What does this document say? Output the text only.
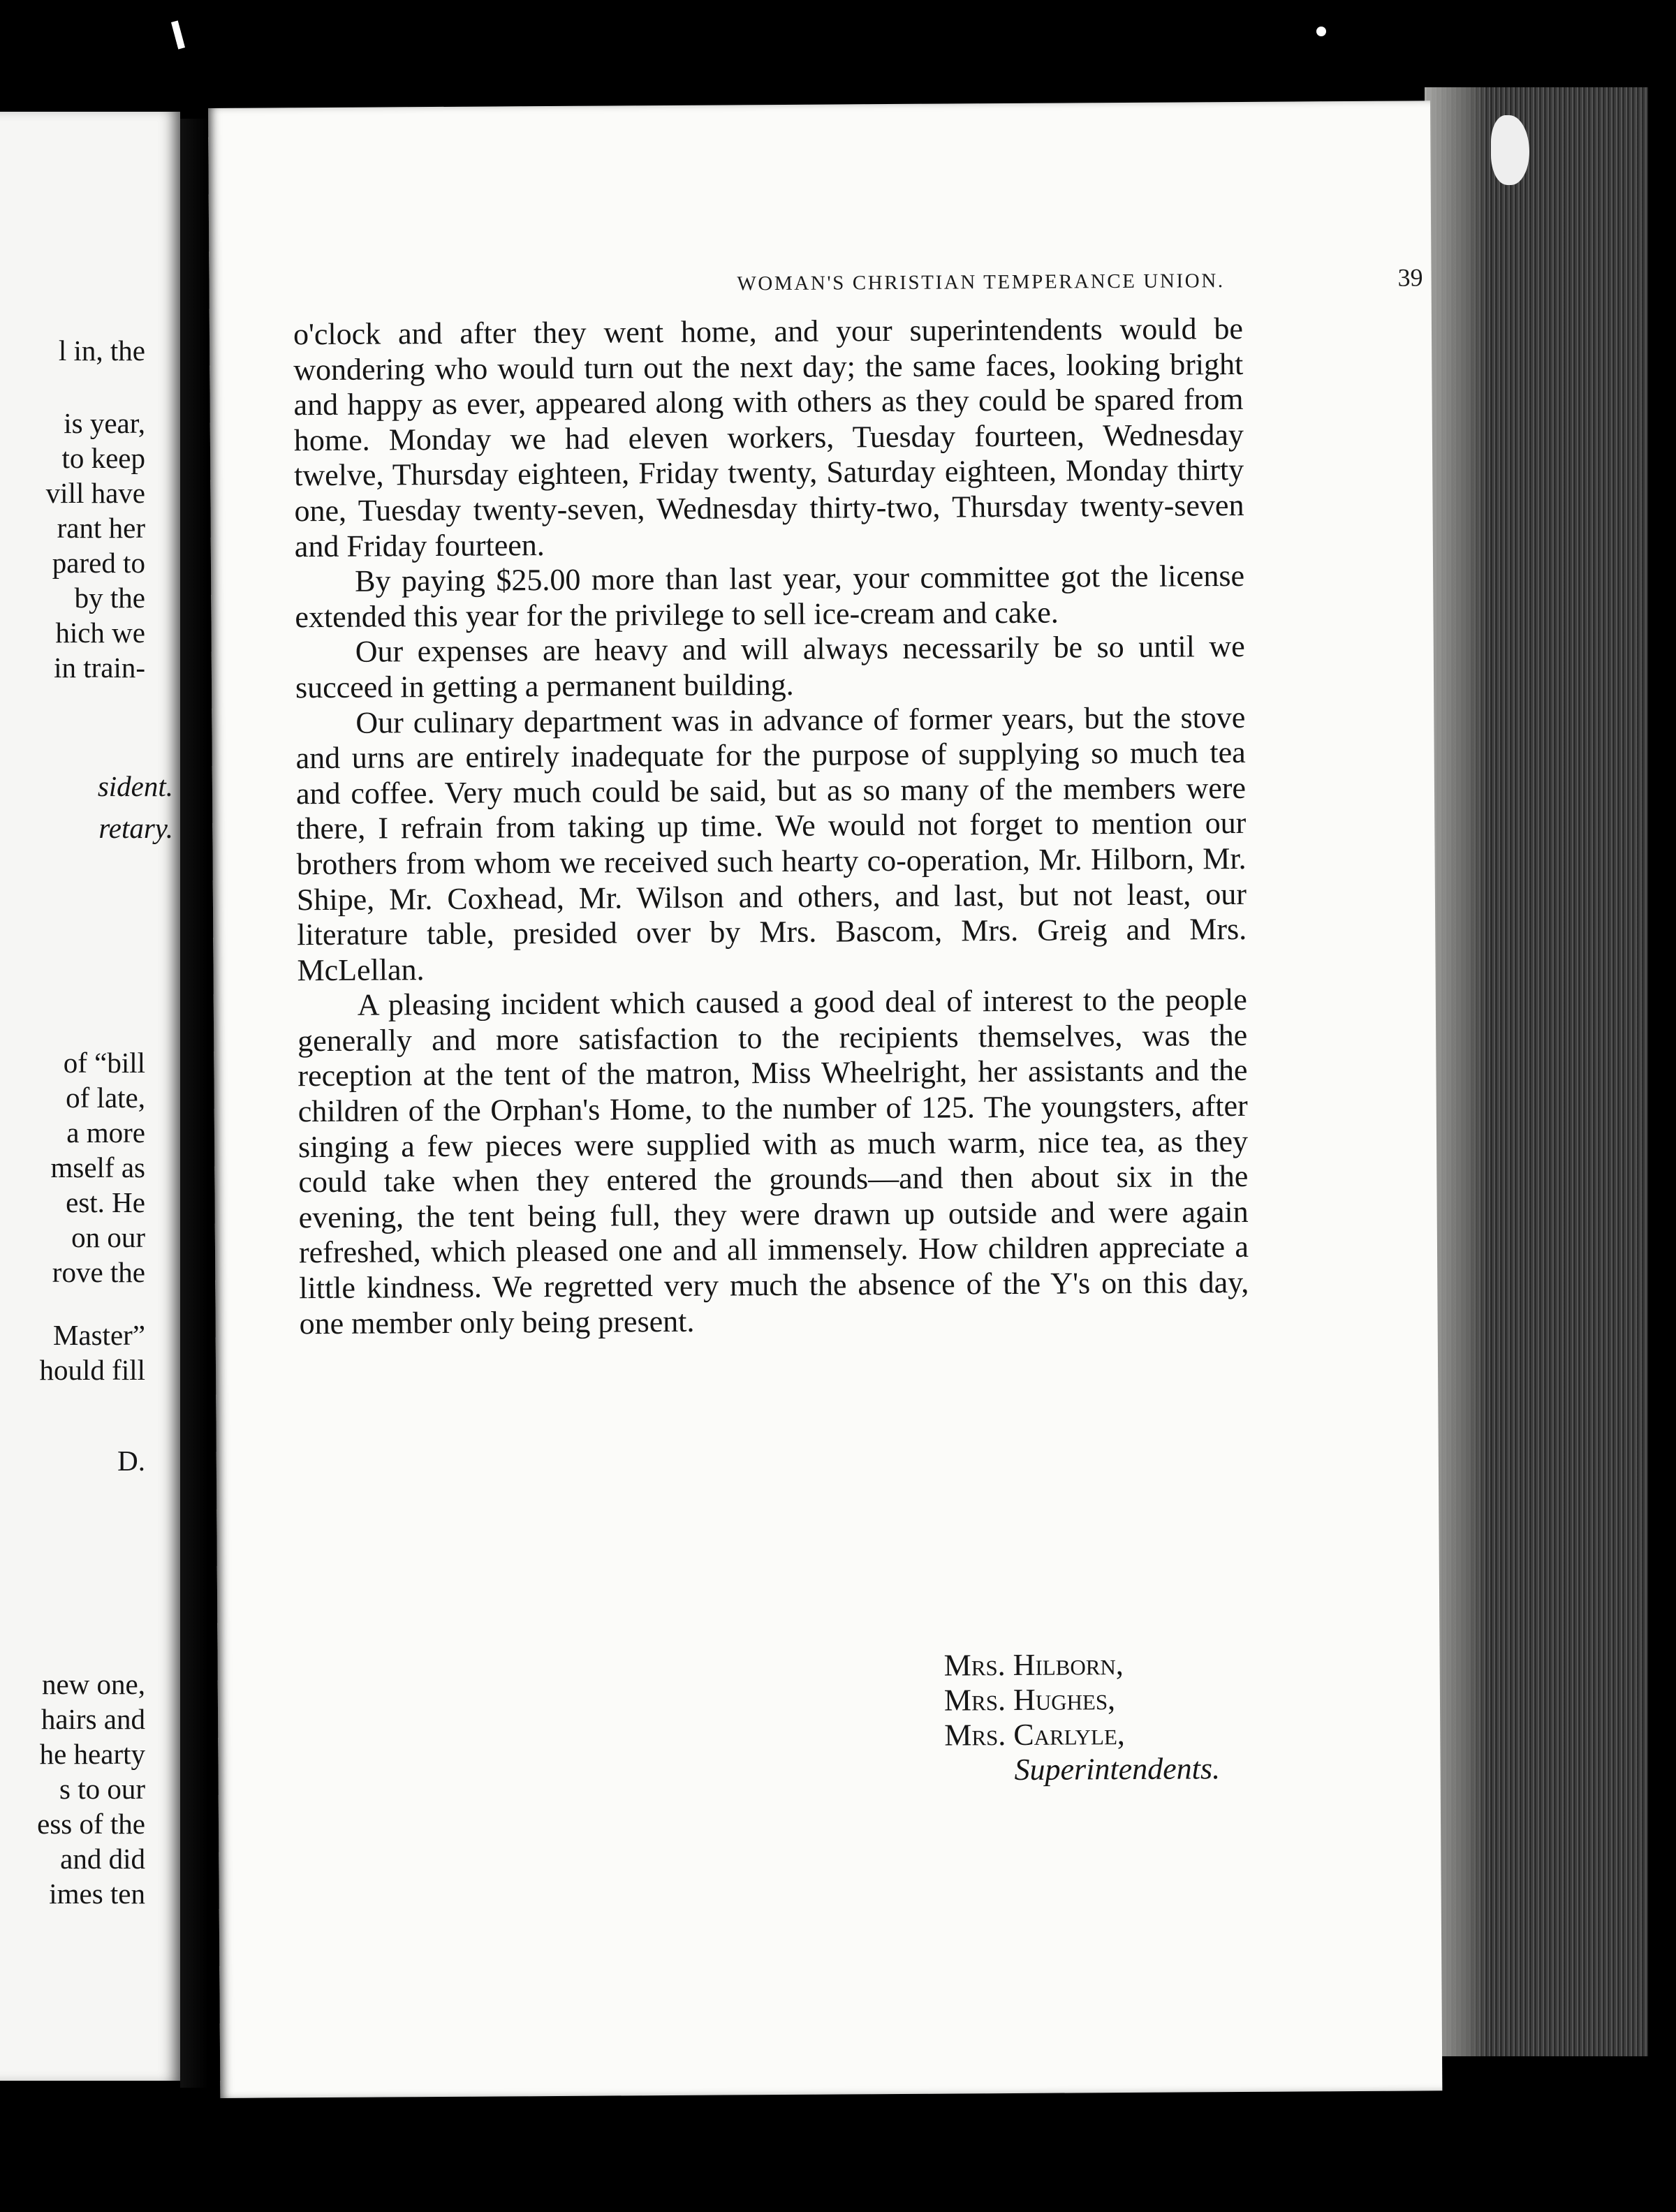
l in, the
is year,
to keep
vill have
rant her
pared to
by the
hich we
in train-
sident.
retary.
of “bill
of late,
a more
mself as
est. He
on our
rove the
Master”
hould fill
D.
new one,
hairs and
he hearty
s to our
ess of the
and did
imes ten
WOMAN'S CHRISTIAN TEMPERANCE UNION.	39

o'clock and after they went home, and your superintendents would be wondering who would turn out the next day; the same faces, looking bright and happy as ever, appeared along with others as they could be spared from home. Monday we had eleven workers, Tuesday fourteen, Wednesday twelve, Thursday eighteen, Friday twenty, Saturday eighteen, Monday thirty one, Tuesday twenty-seven, Wednesday thirty-two, Thursday twenty-seven and Friday fourteen.

By paying $25.00 more than last year, your committee got the license extended this year for the privilege to sell ice-cream and cake.

Our expenses are heavy and will always necessarily be so until we succeed in getting a permanent building.

Our culinary department was in advance of former years, but the stove and urns are entirely inadequate for the purpose of supplying so much tea and coffee. Very much could be said, but as so many of the members were there, I refrain from taking up time. We would not forget to mention our brothers from whom we received such hearty co-operation, Mr. Hilborn, Mr. Shipe, Mr. Coxhead, Mr. Wilson and others, and last, but not least, our literature table, presided over by Mrs. Bascom, Mrs. Greig and Mrs. McLellan.

A pleasing incident which caused a good deal of interest to the people generally and more satisfaction to the recipients themselves, was the reception at the tent of the matron, Miss Wheelright, her assistants and the children of the Orphan's Home, to the number of 125. The youngsters, after singing a few pieces were supplied with as much warm, nice tea, as they could take when they entered the grounds—and then about six in the evening, the tent being full, they were drawn up outside and were again refreshed, which pleased one and all immensely. How children appreciate a little kindness. We regretted very much the absence of the Y's on this day, one member only being present.

Mrs. Hilborn,
Mrs. Hughes,
Mrs. Carlyle,
Superintendents.
